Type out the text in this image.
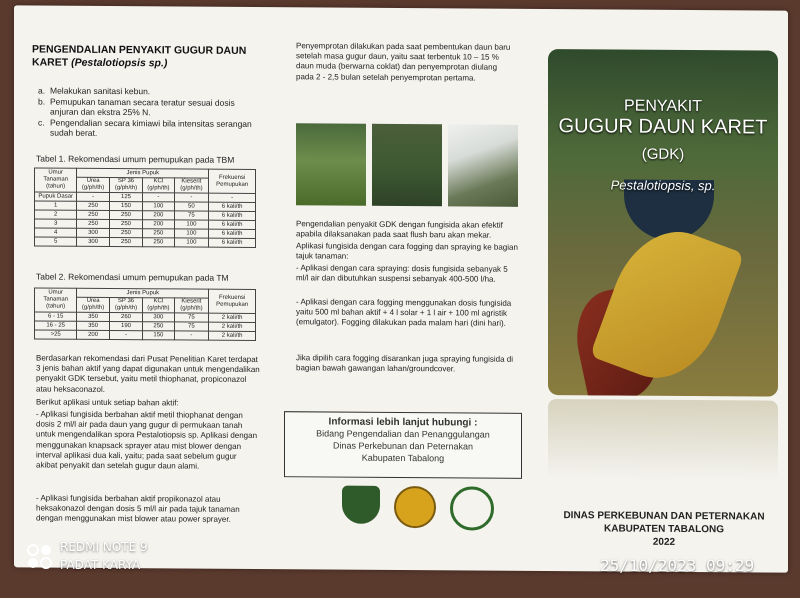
PENGENDALIAN PENYAKIT GUGUR DAUN KARET (Pestalotiopsis sp.)
a. Melakukan sanitasi kebun.
b. Pemupukan tanaman secara teratur sesuai dosis anjuran dan ekstra 25% N.
c. Pengendalian secara kimiawi bila intensitas serangan sudah berat.
Tabel 1. Rekomendasi umum pemupukan pada TBM
Umur Tanaman (tahun)	Jenis Pupuk				Frekuensi Pemupukan
	Urea (g/ph/th)	SP 36 (g/ph/th)	KCl (g/ph/th)	Kieserit (g/ph/th)	
Pupuk Dasar	-	125	-	-	-
1	250	150	100	50	6 kali/th
2	250	250	200	75	6 kali/th
3	250	250	200	100	6 kali/th
4	300	250	250	100	6 kali/th
5	300	250	250	100	6 kali/th
Tabel 2. Rekomendasi umum pemupukan pada TM
Umur Tanaman (tahun)	Jenis Pupuk				Frekuensi Pemupukan
	Urea (g/ph/th)	SP 36 (g/ph/th)	KCl (g/ph/th)	Kieserit (g/ph/th)	
6 - 15	350	260	300	75	2 kali/th
16 - 25	350	190	250	75	2 kali/th
>25	200	-	150	-	2 kali/th
Berdasarkan rekomendasi dari Pusat Penelitian Karet terdapat 3 jenis bahan aktif yang dapat digunakan untuk mengendalikan penyakit GDK tersebut, yaitu metil thiophanat, propiconazol atau heksaconazol.
Berikut aplikasi untuk setiap bahan aktif:
- Aplikasi fungisida berbahan aktif metil thiophanat dengan dosis 2 ml/l air pada daun yang gugur di permukaan tanah untuk mengendalikan spora Pestalotiopsis sp. Aplikasi dengan menggunakan knapsack sprayer atau mist blower dengan interval aplikasi dua kali, yaitu; pada saat sebelum gugur akibat penyakit dan setelah gugur daun alami.
- Aplikasi fungisida berbahan aktif propikonazol atau heksakonazol dengan dosis 5 ml/l air pada tajuk tanaman dengan menggunakan mist blower atau power sprayer.
Penyemprotan dilakukan pada saat pembentukan daun baru setelah masa gugur daun, yaitu saat terbentuk 10 – 15 % daun muda (berwarna coklat) dan penyemprotan diulang pada 2 - 2,5 bulan setelah penyemprotan pertama.
Pengendalian penyakit GDK dengan fungisida akan efektif apabila dilaksanakan pada saat flush baru akan mekar.
Aplikasi fungisida dengan cara fogging dan spraying ke bagian tajuk tanaman:
- Aplikasi dengan cara spraying: dosis fungisida sebanyak 5 ml/l air dan dibutuhkan suspensi sebanyak 400-500 l/ha.
- Aplikasi dengan cara fogging menggunakan dosis fungisida yaitu 500 ml bahan aktif + 4 l solar + 1 l air + 100 ml agristik (emulgator). Fogging dilakukan pada malam hari (dini hari).
Jika dipilih cara fogging disarankan juga spraying fungisida di bagian bawah gawangan lahan/groundcover.
Informasi lebih lanjut hubungi :
Bidang Pengendalian dan Penanggulangan
Dinas Perkebunan dan Peternakan
Kabupaten Tabalong
PENYAKIT
GUGUR DAUN KARET
(GDK)
Pestalotiopsis, sp.
DINAS PERKEBUNAN DAN PETERNAKAN
KABUPATEN TABALONG
2022
REDMI NOTE 9
PADAT KARYA	25/10/2023 09:29
